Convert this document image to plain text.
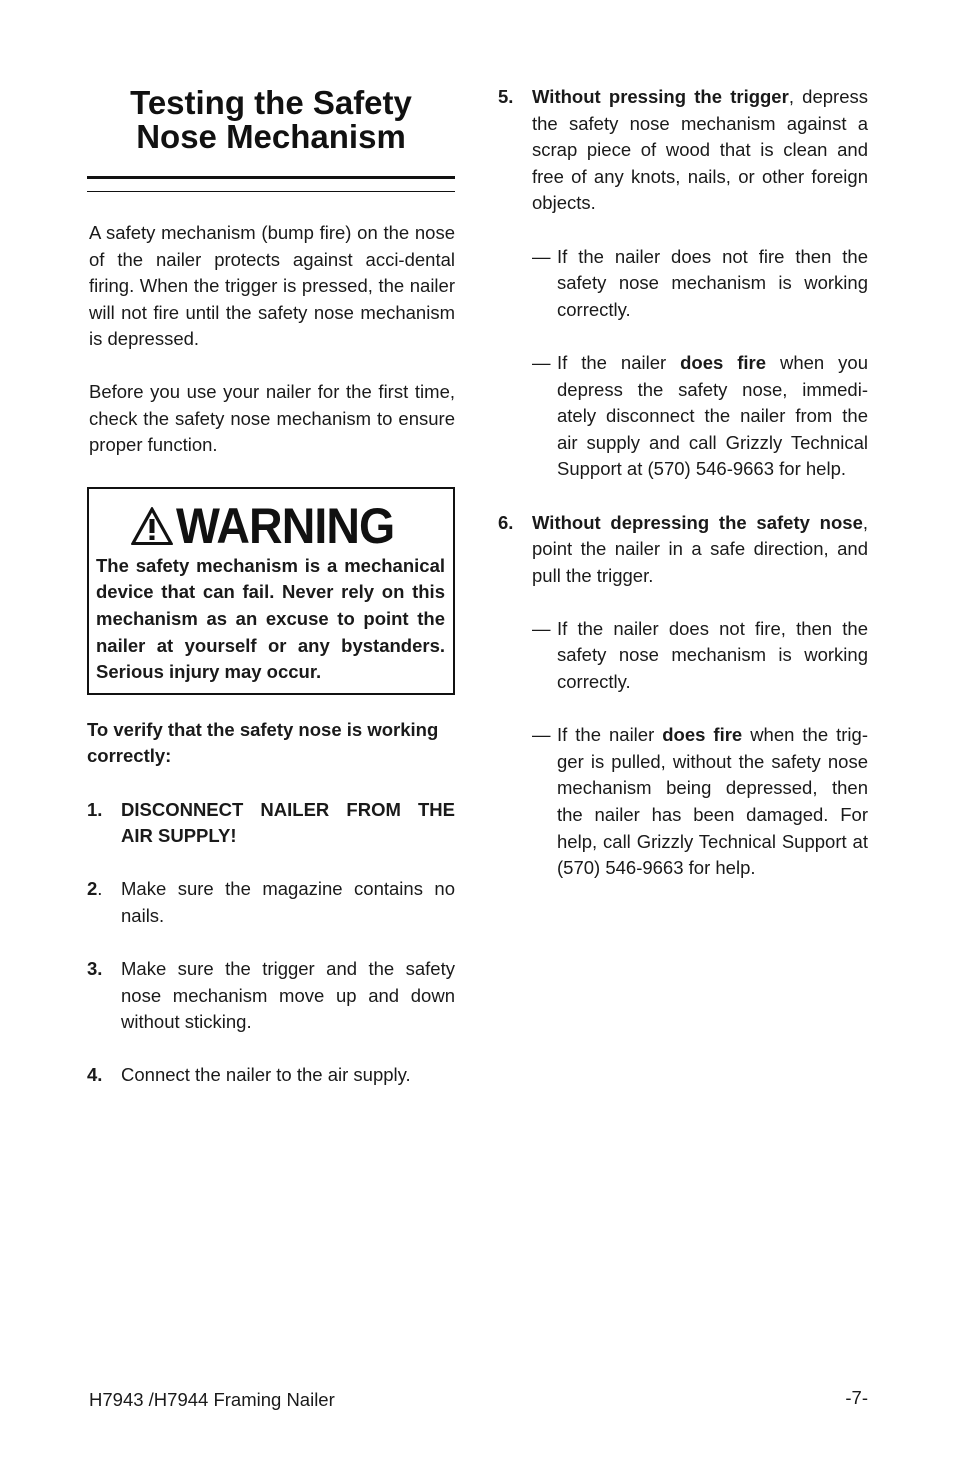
Testing the Safety
Nose Mechanism

A safety mechanism (bump fire) on the nose of the nailer protects against acci-dental firing. When the trigger is pressed, the nailer will not fire until the safety nose mechanism is depressed.

Before you use your nailer for the first time, check the safety nose mechanism to ensure proper function.

WARNING
The safety mechanism is a mechanical device that can fail. Never rely on this mechanism as an excuse to point the nailer at yourself or any bystanders. Serious injury may occur.
To verify that the safety nose is working correctly:
1.	DISCONNECT NAILER FROM THE AIR SUPPLY!
2.	Make sure the magazine contains no nails.
3.	Make sure the trigger and the safety nose mechanism move up and down without sticking.
4.	Connect the nailer to the air supply.
5.	Without pressing the trigger, depress the safety nose mechanism against a scrap piece of wood that is clean and free of any knots, nails, or other foreign objects.
— If the nailer does not fire then the safety nose mechanism is working correctly.
— If the nailer does fire when you depress the safety nose, immedi-ately disconnect the nailer from the air supply and call Grizzly Technical Support at (570) 546-9663 for help.
6.	Without depressing the safety nose, point the nailer in a safe direction, and pull the trigger.
— If the nailer does not fire, then the safety nose mechanism is working correctly.
— If the nailer does fire when the trig-ger is pulled, without the safety nose mechanism being depressed, then the nailer has been damaged. For help, call Grizzly Technical Support at (570) 546-9663 for help.
H7943 /H7944 Framing Nailer	-7-
